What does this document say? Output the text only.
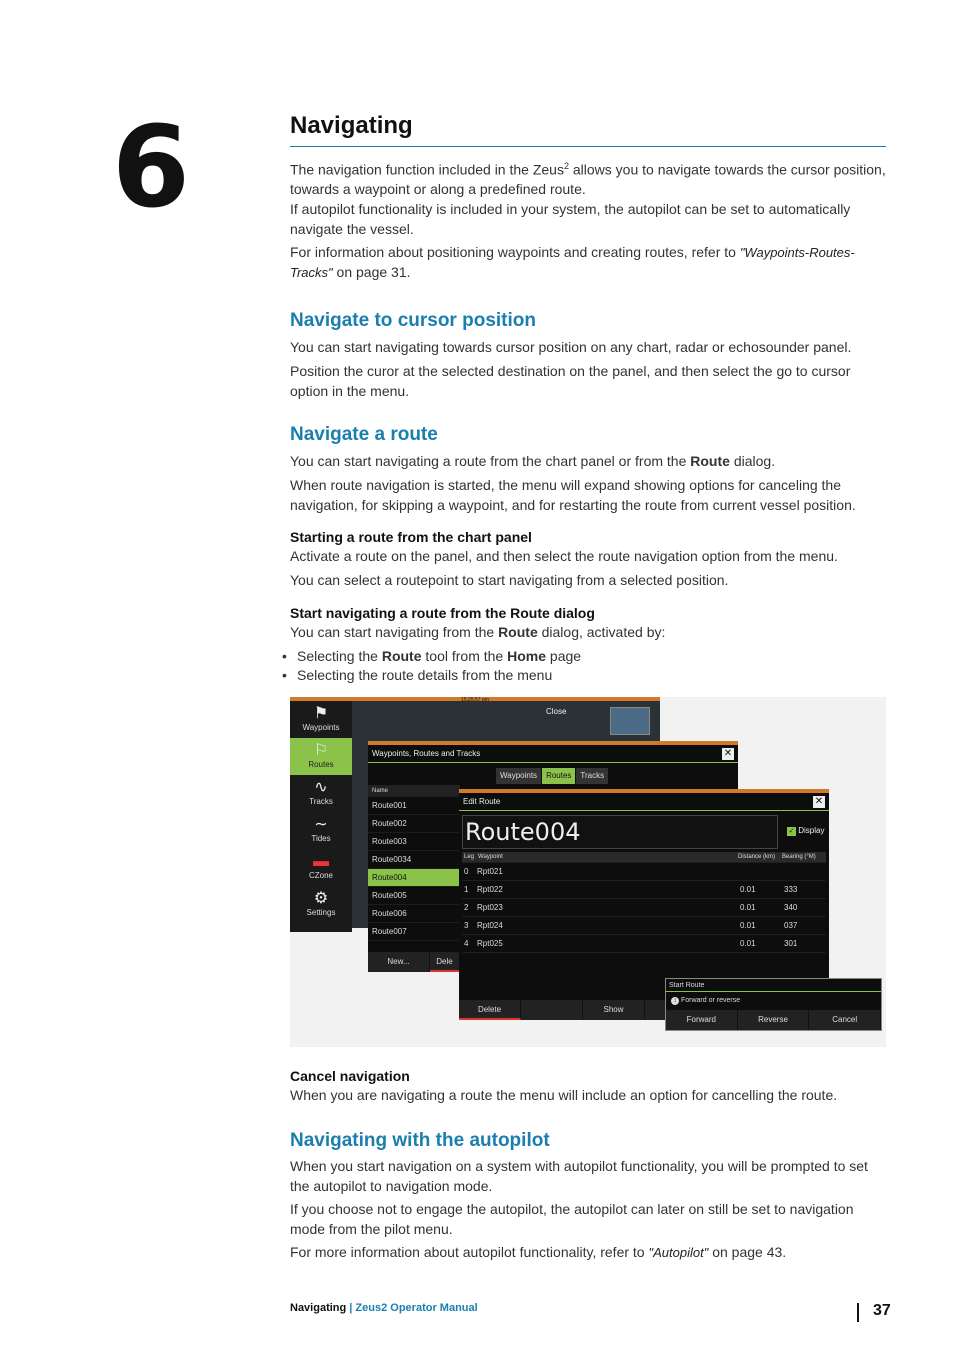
6	Navigating
The navigation function included in the Zeus$^2$ allows you to navigate towards the cursor position, towards a waypoint or along a predefined route.
If autopilot functionality is included in your system, the autopilot can be set to automatically navigate the vessel.
For information about positioning waypoints and creating routes, refer to "Waypoints-Routes-Tracks" on page 31.
Navigate to cursor position
You can start navigating towards cursor position on any chart, radar or echosounder panel.
Position the curor at the selected destination on the panel, and then select the go to cursor option in the menu.
Navigate a route
You can start navigating a route from the chart panel or from the Route dialog.
When route navigation is started, the menu will expand showing options for canceling the navigation, for skipping a waypoint, and for restarting the route from current vessel position.
Starting a route from the chart panel
Activate a route on the panel, and then select the route navigation option from the menu.
You can select a routepoint to start navigating from a selected position.
Start navigating a route from the Route dialog
You can start navigating from the Route dialog, activated by:
• Selecting the Route tool from the Home page
• Selecting the route details from the menu
15:25:57 pm
⚑
Waypoints
⚐
Routes
∿
Tracks
∼
Tides
▬
CZone
⚙
Settings
Close
Waypoints, Routes and Tracks	✕
Waypoints Routes Tracks
Name
Route001
Route002
Route003
Route0034
Route004
Route005
Route006
Route007
New...	Dele
Edit Route	✕
Route004	✓ Display
Leg Waypoint	Distance (km)	Bearing (°M)
0	Rpt021
1	Rpt022	0.01	333
2	Rpt023	0.01	340
3	Rpt024	0.01	037
4	Rpt025	0.01	301
Delete	Show
Start Route
↕ Forward or reverse
Forward	Reverse	Cancel
Cancel navigation
When you are navigating a route the menu will include an option for cancelling the route.
Navigating with the autopilot
When you start navigation on a system with autopilot functionality, you will be prompted to set the autopilot to navigation mode.
If you choose not to engage the autopilot, the autopilot can later on still be set to navigation mode from the pilot menu.
For more information about autopilot functionality, refer to "Autopilot" on page 43.
Navigating | Zeus2 Operator Manual	37
